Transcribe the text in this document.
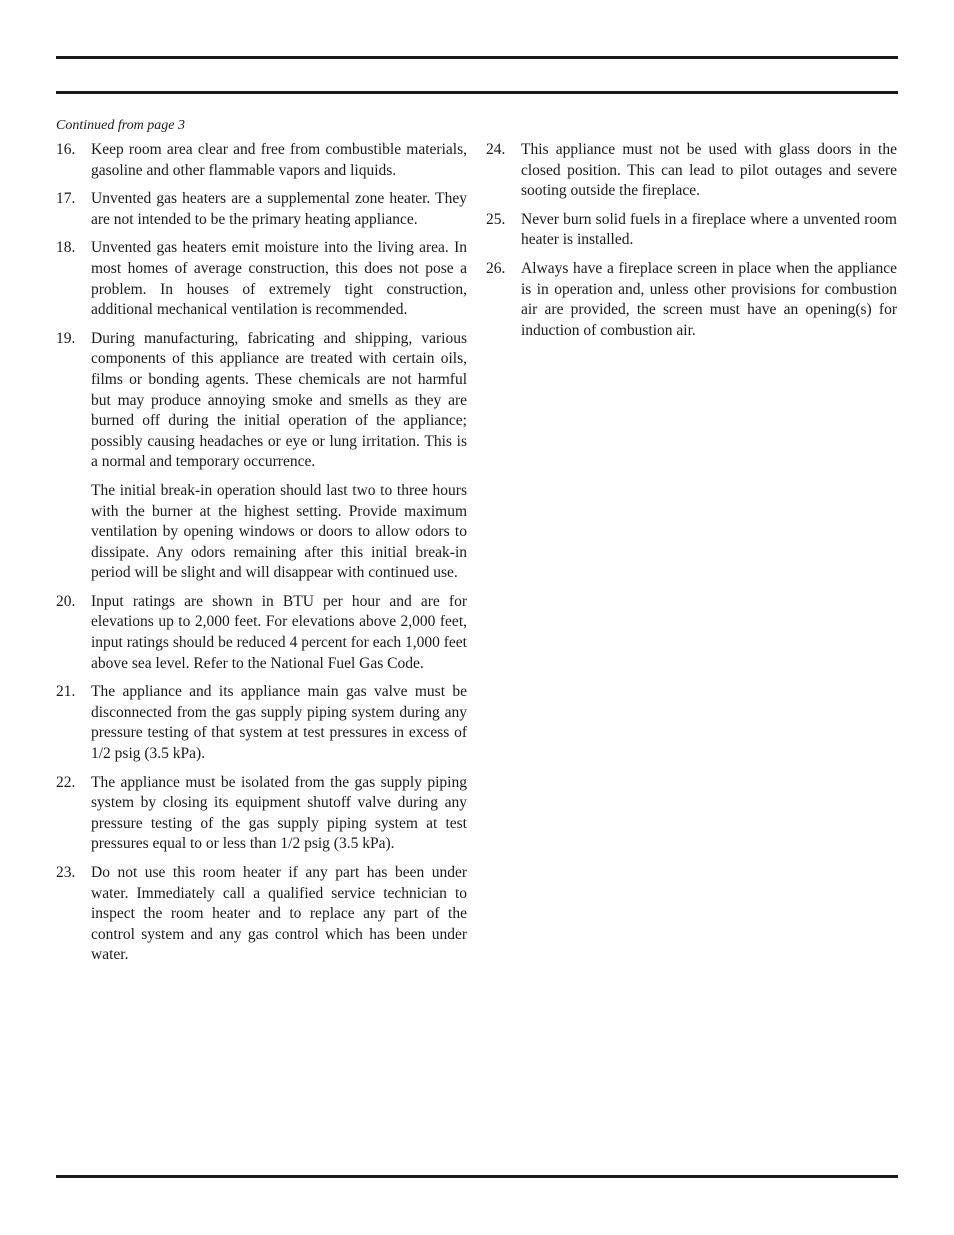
Continued from page 3
16.	Keep room area clear and free from combustible materials, gasoline and other flammable vapors and liquids.

17.	Unvented gas heaters are a supplemental zone heater. They are not intended to be the primary heating appliance.

18.	Unvented gas heaters emit moisture into the living area. In most homes of average construction, this does not pose a problem. In houses of extremely tight construction, additional mechanical ventilation is recommended.

19.	During manufacturing, fabricating and shipping, various components of this appliance are treated with certain oils, films or bonding agents. These chemicals are not harmful but may produce annoying smoke and smells as they are burned off during the initial operation of the appliance; possibly causing headaches or eye or lung irritation. This is a normal and temporary occurrence.

The initial break-in operation should last two to three hours with the burner at the highest setting. Provide maximum ventilation by opening windows or doors to allow odors to dissipate. Any odors remaining after this initial break-in period will be slight and will disappear with continued use.

20.	Input ratings are shown in BTU per hour and are for elevations up to 2,000 feet. For elevations above 2,000 feet, input ratings should be reduced 4 percent for each 1,000 feet above sea level. Refer to the National Fuel Gas Code.

21.	The appliance and its appliance main gas valve must be disconnected from the gas supply piping system during any pressure testing of that system at test pressures in excess of 1/2 psig (3.5 kPa).

22.	The appliance must be isolated from the gas supply piping system by closing its equipment shutoff valve during any pressure testing of the gas supply piping system at test pressures equal to or less than 1/2 psig (3.5 kPa).

23.	Do not use this room heater if any part has been under water. Immediately call a qualified service technician to inspect the room heater and to replace any part of the control system and any gas control which has been under water.

24.	This appliance must not be used with glass doors in the closed position. This can lead to pilot outages and severe sooting outside the fireplace.

25.	Never burn solid fuels in a fireplace where a unvented room heater is installed.

26.	Always have a fireplace screen in place when the appliance is in operation and, unless other provisions for combustion air are provided, the screen must have an opening(s) for induction of combustion air.
